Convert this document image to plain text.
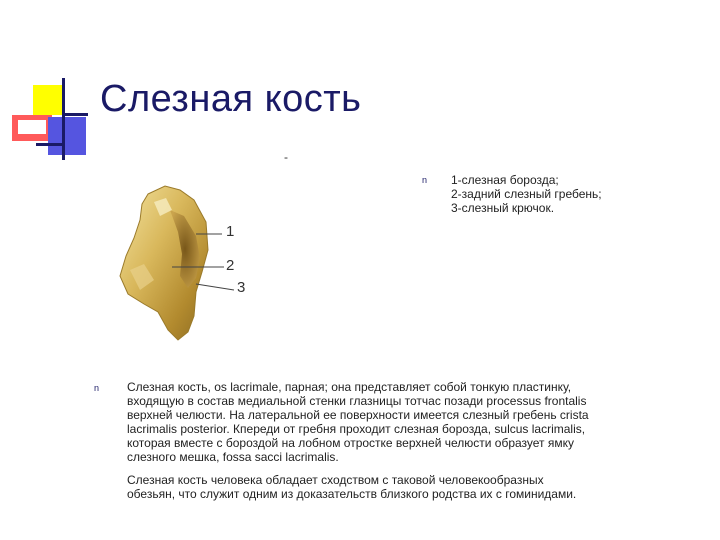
Слезная кость
-
1
2
3
n 1-слезная борозда;
2-задний слезный гребень;
3-слезный крючок.
n Слезная кость, os lacrimale, парная; она представляет собой тонкую пластинку,
входящую в состав медиальной стенки глазницы тотчас позади processus frontalis
верхней челюсти. На латеральной ее поверхности имеется слезный гребень crista
lacrimalis posterior. Кпереди от гребня проходит слезная борозда, sulcus lacrimalis,
которая вместе с бороздой на лобном отростке верхней челюсти образует ямку
слезного мешка, fossa sacci lacrimalis.
Слезная кость человека обладает сходством с таковой человекообразных
обезьян, что служит одним из доказательств близкого родства их с гоминидами.
